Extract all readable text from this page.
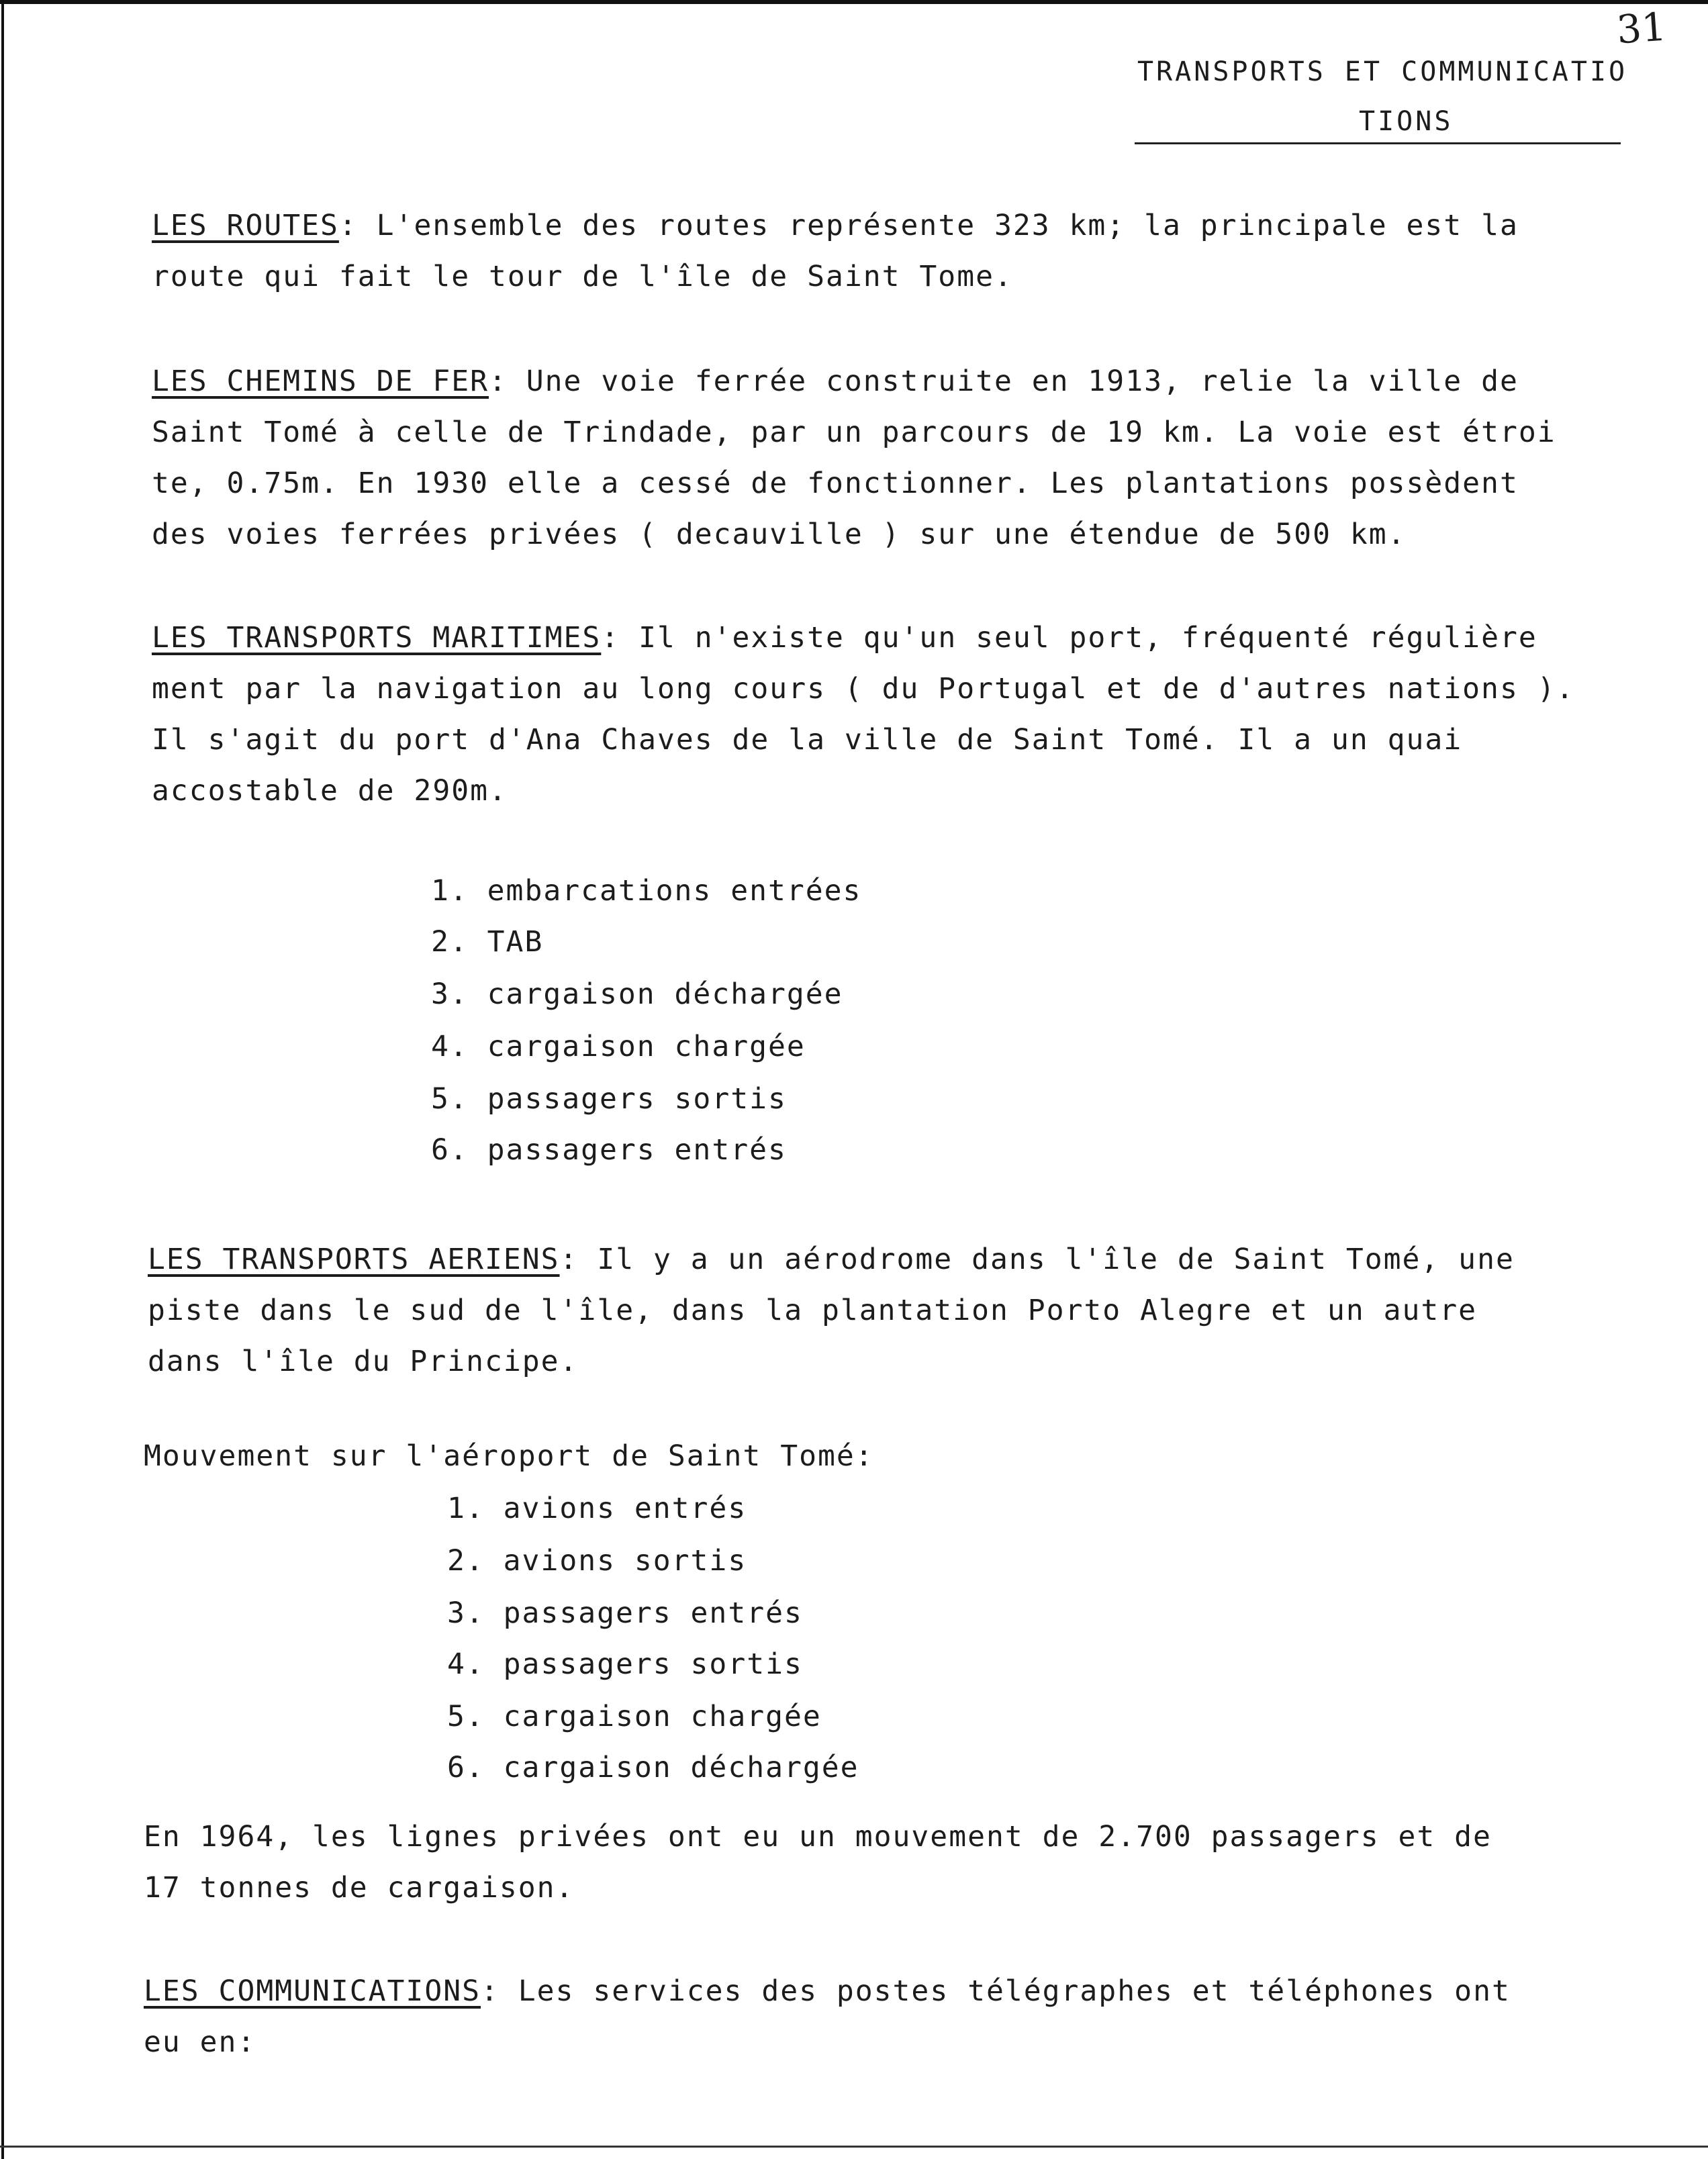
31
TRANSPORTS ET COMMUNICATIO
TIONS

LES ROUTES: L'ensemble des routes représente 323 km; la principale est la
route qui fait le tour de l'île de Saint Tome.

LES CHEMINS DE FER: Une voie ferrée construite en 1913, relie la ville de
Saint Tomé à celle de Trindade, par un parcours de 19 km. La voie est étroi
te, 0.75m. En 1930 elle a cessé de fonctionner. Les plantations possèdent
des voies ferrées privées ( decauville ) sur une étendue de 500 km.

LES TRANSPORTS MARITIMES: Il n'existe qu'un seul port, fréquenté régulière
ment par la navigation au long cours ( du Portugal et de d'autres nations ).
Il s'agit du port d'Ana Chaves de la ville de Saint Tomé. Il a un quai
accostable de 290m.

1. embarcations entrées
2. TAB
3. cargaison déchargée
4. cargaison chargée
5. passagers sortis
6. passagers entrés

LES TRANSPORTS AERIENS: Il y a un aérodrome dans l'île de Saint Tomé, une
piste dans le sud de l'île, dans la plantation Porto Alegre et un autre
dans l'île du Principe.

Mouvement sur l'aéroport de Saint Tomé:
1. avions entrés
2. avions sortis
3. passagers entrés
4. passagers sortis
5. cargaison chargée
6. cargaison déchargée

En 1964, les lignes privées ont eu un mouvement de 2.700 passagers et de
17 tonnes de cargaison.

LES COMMUNICATIONS: Les services des postes télégraphes et téléphones ont
eu en:
